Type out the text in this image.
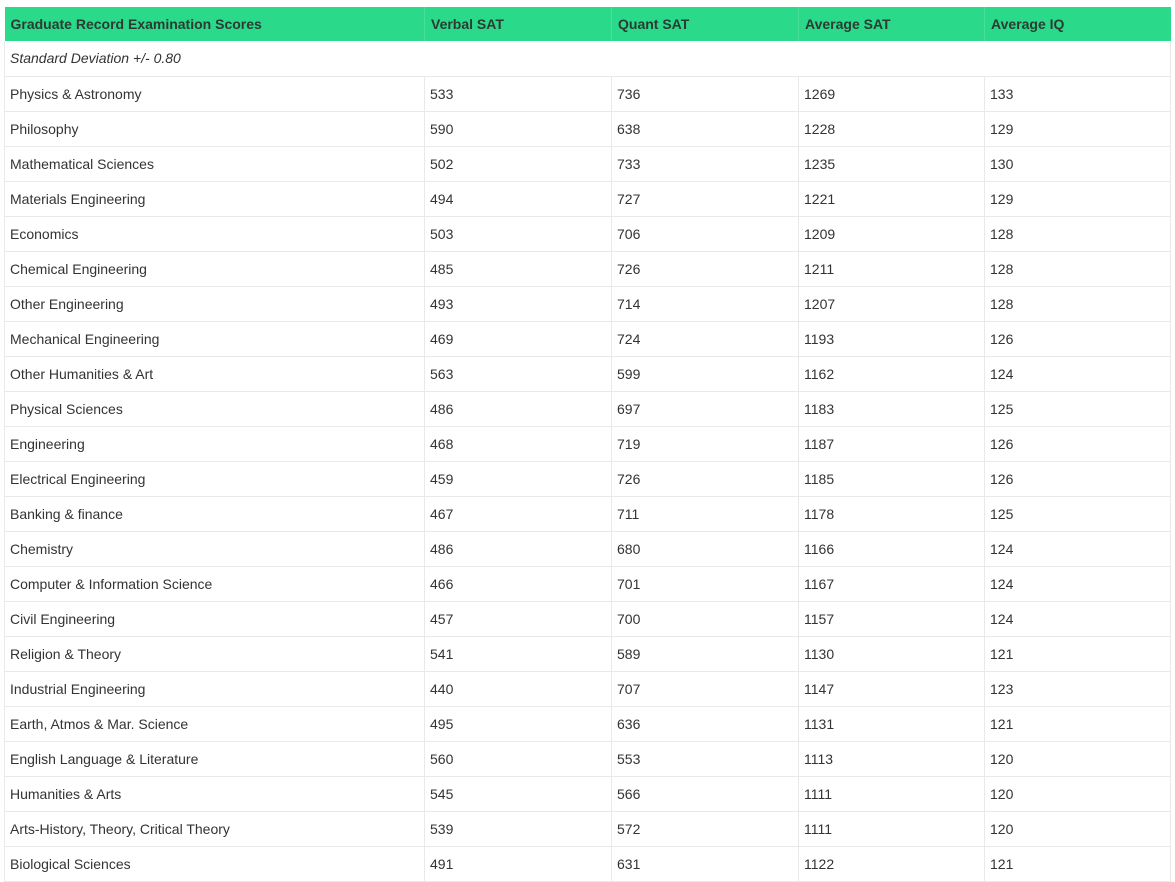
Graduate Record Examination Scores	Verbal SAT	Quant SAT	Average SAT	Average IQ
Standard Deviation +/- 0.80				
Physics & Astronomy	533	736	1269	133
Philosophy	590	638	1228	129
Mathematical Sciences	502	733	1235	130
Materials Engineering	494	727	1221	129
Economics	503	706	1209	128
Chemical Engineering	485	726	1211	128
Other Engineering	493	714	1207	128
Mechanical Engineering	469	724	1193	126
Other Humanities & Art	563	599	1162	124
Physical Sciences	486	697	1183	125
Engineering	468	719	1187	126
Electrical Engineering	459	726	1185	126
Banking & finance	467	711	1178	125
Chemistry	486	680	1166	124
Computer & Information Science	466	701	1167	124
Civil Engineering	457	700	1157	124
Religion & Theory	541	589	1130	121
Industrial Engineering	440	707	1147	123
Earth, Atmos & Mar. Science	495	636	1131	121
English Language & Literature	560	553	1113	120
Humanities & Arts	545	566	1111	120
Arts-History, Theory, Critical Theory	539	572	1111	120
Biological Sciences	491	631	1122	121
